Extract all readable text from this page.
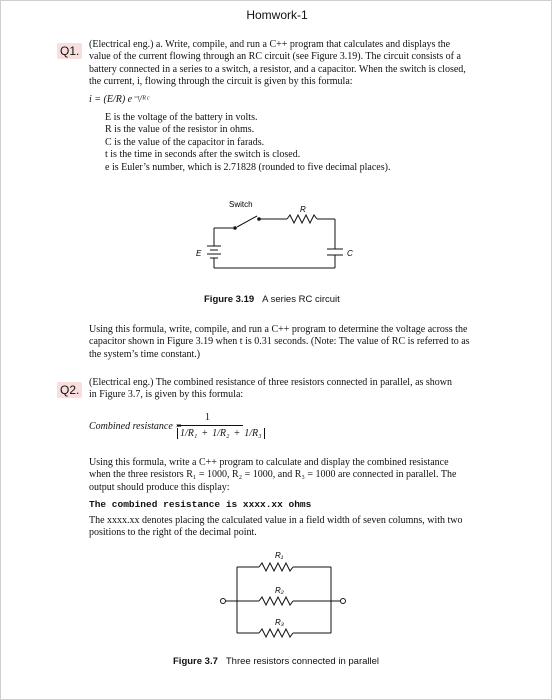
Homwork-1
Q1. (Electrical eng.) a. Write, compile, and run a C++ program that calculates and displays the
value of the current flowing through an RC circuit (see Figure 3.19). The circuit consists of a
battery connected in a series to a switch, a resistor, and a capacitor. When the switch is closed,
the current, i, flowing through the circuit is given by this formula:
i = (E/R) e⁻ᵗ/ᴿᶜ
E is the voltage of the battery in volts.
R is the value of the resistor in ohms.
C is the value of the capacitor in farads.
t is the time in seconds after the switch is closed.
e is Euler’s number, which is 2.71828 (rounded to five decimal places).
Switch
R
E	C
Figure 3.19 A series RC circuit
Using this formula, write, compile, and run a C++ program to determine the voltage across the
capacitor shown in Figure 3.19 when t is 0.31 seconds. (Note: The value of RC is referred to as
the system’s time constant.)
Q2.
(Electrical eng.) The combined resistance of three resistors connected in parallel, as shown
in Figure 3.7, is given by this formula:
Combined resistance =
1
1/R₁ + 1/R₂ + 1/R₃
Using this formula, write a C++ program to calculate and display the combined resistance
when the three resistors R₁ = 1000, R₂ = 1000, and R₃ = 1000 are connected in parallel. The
output should produce this display:
The combined resistance is xxxx.xx ohms
The xxxx.xx denotes placing the calculated value in a field width of seven columns, with two
positions to the right of the decimal point.
R₁
R₂
R₃
Figure 3.7 Three resistors connected in parallel
